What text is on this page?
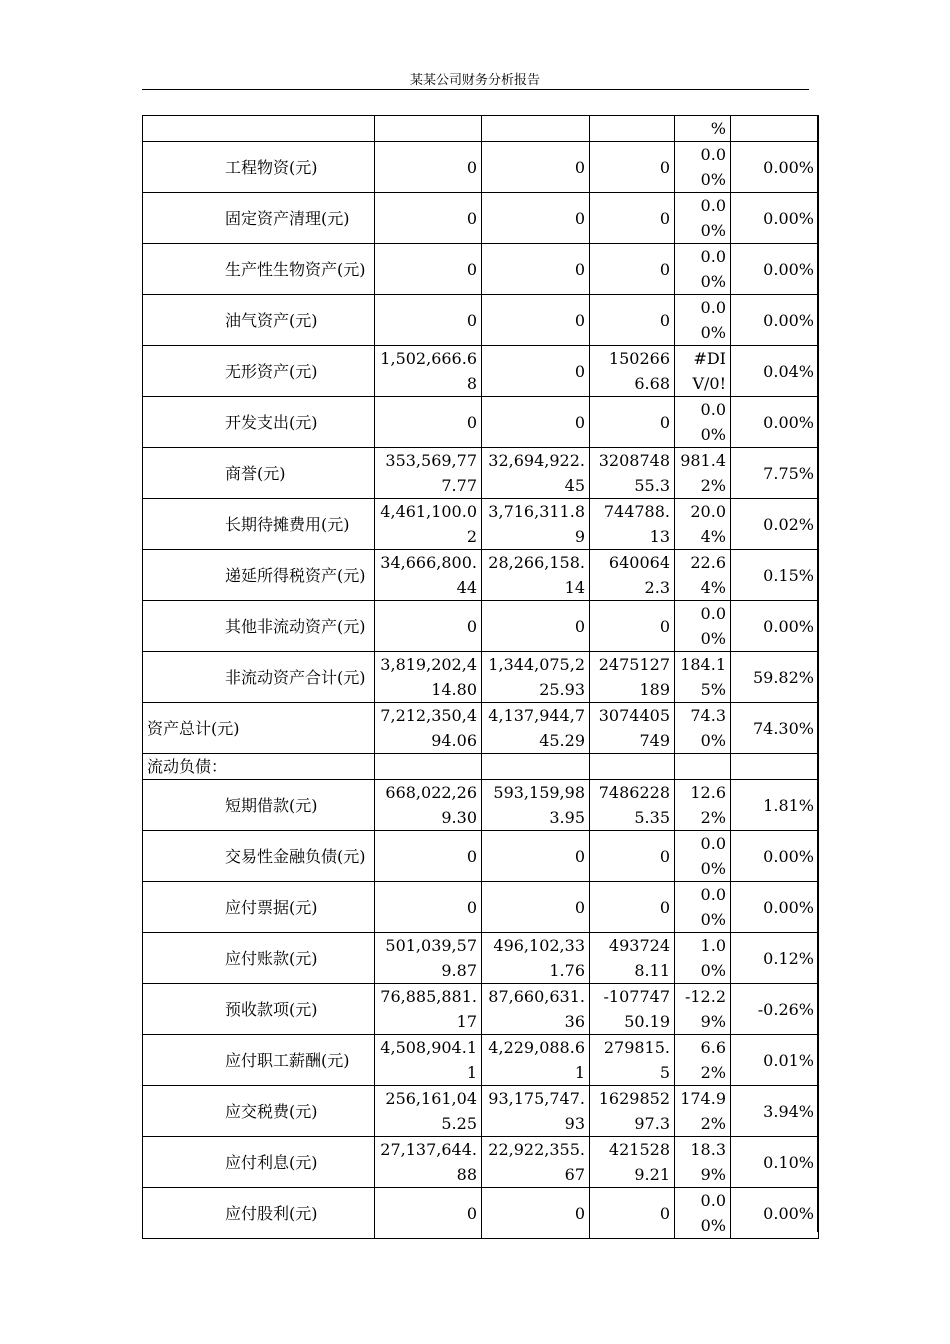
某某公司财务分析报告
				%	

工程物资(元)	0	0	0	0.00%	0.00%

固定资产清理(元)	0	0	0	0.00%	0.00%

生产性生物资产(元)	0	0	0	0.00%	0.00%

油气资产(元)	0	0	0	0.00%	0.00%

无形资产(元)	1,502,666.68	0	1502666.68	#DIV/0!	0.04%

开发支出(元)	0	0	0	0.00%	0.00%

商誉(元)	353,569,777.77	32,694,922.45	320874855.3	981.42%	7.75%

长期待摊费用(元)	4,461,100.02	3,716,311.89	744788.13	20.04%	0.02%

递延所得税资产(元)	34,666,800.44	28,266,158.14	6400642.3	22.64%	0.15%

其他非流动资产(元)	0	0	0	0.00%	0.00%

非流动资产合计(元)	3,819,202,414.80	1,344,075,225.93	2475127189	184.15%	59.82%

资产总计(元)	7,212,350,494.06	4,137,944,745.29	3074405749	74.30%	74.30%
流动负债：					

短期借款(元)	668,022,269.30	593,159,983.95	74862285.35	12.62%	1.81%

交易性金融负债(元)	0	0	0	0.00%	0.00%

应付票据(元)	0	0	0	0.00%	0.00%

应付账款(元)	501,039,579.87	496,102,331.76	4937248.11	1.00%	0.12%

预收款项(元)	76,885,881.17	87,660,631.36	-10774750.19	-12.29%	-0.26%

应付职工薪酬(元)	4,508,904.11	4,229,088.61	279815.5	6.62%	0.01%

应交税费(元)	256,161,045.25	93,175,747.93	162985297.3	174.92%	3.94%

应付利息(元)	27,137,644.88	22,922,355.67	4215289.21	18.39%	0.10%

应付股利(元)	0	0	0	0.00%	0.00%
